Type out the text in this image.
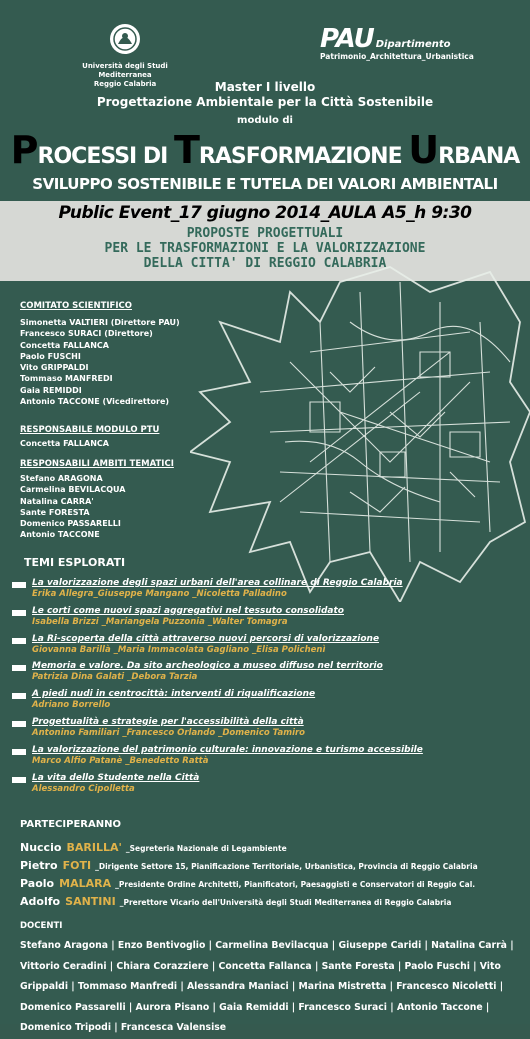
Università degli Studi Mediterranea
Reggio Calabria
PAU Dipartimento
Patrimonio_Architettura_Urbanistica
Master I livello
Progettazione Ambientale per la Città Sostenibile
modulo di
PROCESSI DI TRASFORMAZIONE URBANA
SVILUPPO SOSTENIBILE E TUTELA DEI VALORI AMBIENTALI
Public Event_17 giugno 2014_AULA A5_h 9:30
PROPOSTE PROGETTUALI
PER LE TRASFORMAZIONI E LA VALORIZZAZIONE
DELLA CITTA' DI REGGIO CALABRIA
COMITATO SCIENTIFICO
Simonetta VALTIERI (Direttore PAU)
Francesco SURACI (Direttore)
Concetta FALLANCA
Paolo FUSCHI
Vito GRIPPALDI
Tommaso MANFREDI
Gaia REMIDDI
Antonio TACCONE (Vicedirettore)
RESPONSABILE MODULO PTU
Concetta FALLANCA
RESPONSABILI AMBITI TEMATICI
Stefano ARAGONA
Carmelina BEVILACQUA
Natalina CARRA'
Sante FORESTA
Domenico PASSARELLI
Antonio TACCONE
TEMI ESPLORATI
La valorizzazione degli spazi urbani dell'area collinare di Reggio Calabria
Erika Allegra_Giuseppe Mangano _Nicoletta Palladino
Le corti come nuovi spazi aggregativi nel tessuto consolidato
Isabella Brizzi _Mariangela Puzzonia _Walter Tomagra
La Ri-scoperta della città attraverso nuovi percorsi di valorizzazione
Giovanna Barillà _Maria Immacolata Gagliano _Elisa Polichenì
Memoria e valore. Da sito archeologico a museo diffuso nel territorio
Patrizia Dina Galati _Debora Tarzia
A piedi nudi in centrocittà: interventi di riqualificazione
Adriano Borrello
Progettualità e strategie per l'accessibilità della città
Antonino Familiari _Francesco Orlando _Domenico Tamiro
La valorizzazione del patrimonio culturale: innovazione e turismo accessibile
Marco Alfio Patanè _Benedetto Rattà
La vita dello Studente nella Città
Alessandro Cipolletta
PARTECIPERANNO
Nuccio BARILLA' _Segreteria Nazionale di Legambiente
Pietro FOTI _Dirigente Settore 15, Pianificazione Territoriale, Urbanistica, Provincia di Reggio Calabria
Paolo MALARA _Presidente Ordine Architetti, Pianificatori, Paesaggisti e Conservatori di Reggio Cal.
Adolfo SANTINI _Prerettore Vicario dell'Università degli Studi Mediterranea di Reggio Calabria
DOCENTI
Stefano Aragona | Enzo Bentivoglio | Carmelina Bevilacqua | Giuseppe Caridi | Natalina Carrà | Vittorio Ceradini | Chiara Corazziere | Concetta Fallanca | Sante Foresta | Paolo Fuschi | Vito Grippaldi | Tommaso Manfredi | Alessandra Maniaci | Marina Mistretta | Francesco Nicoletti | Domenico Passarelli | Aurora Pisano | Gaia Remiddi | Francesco Suraci | Antonio Taccone | Domenico Tripodi | Francesca Valensise
